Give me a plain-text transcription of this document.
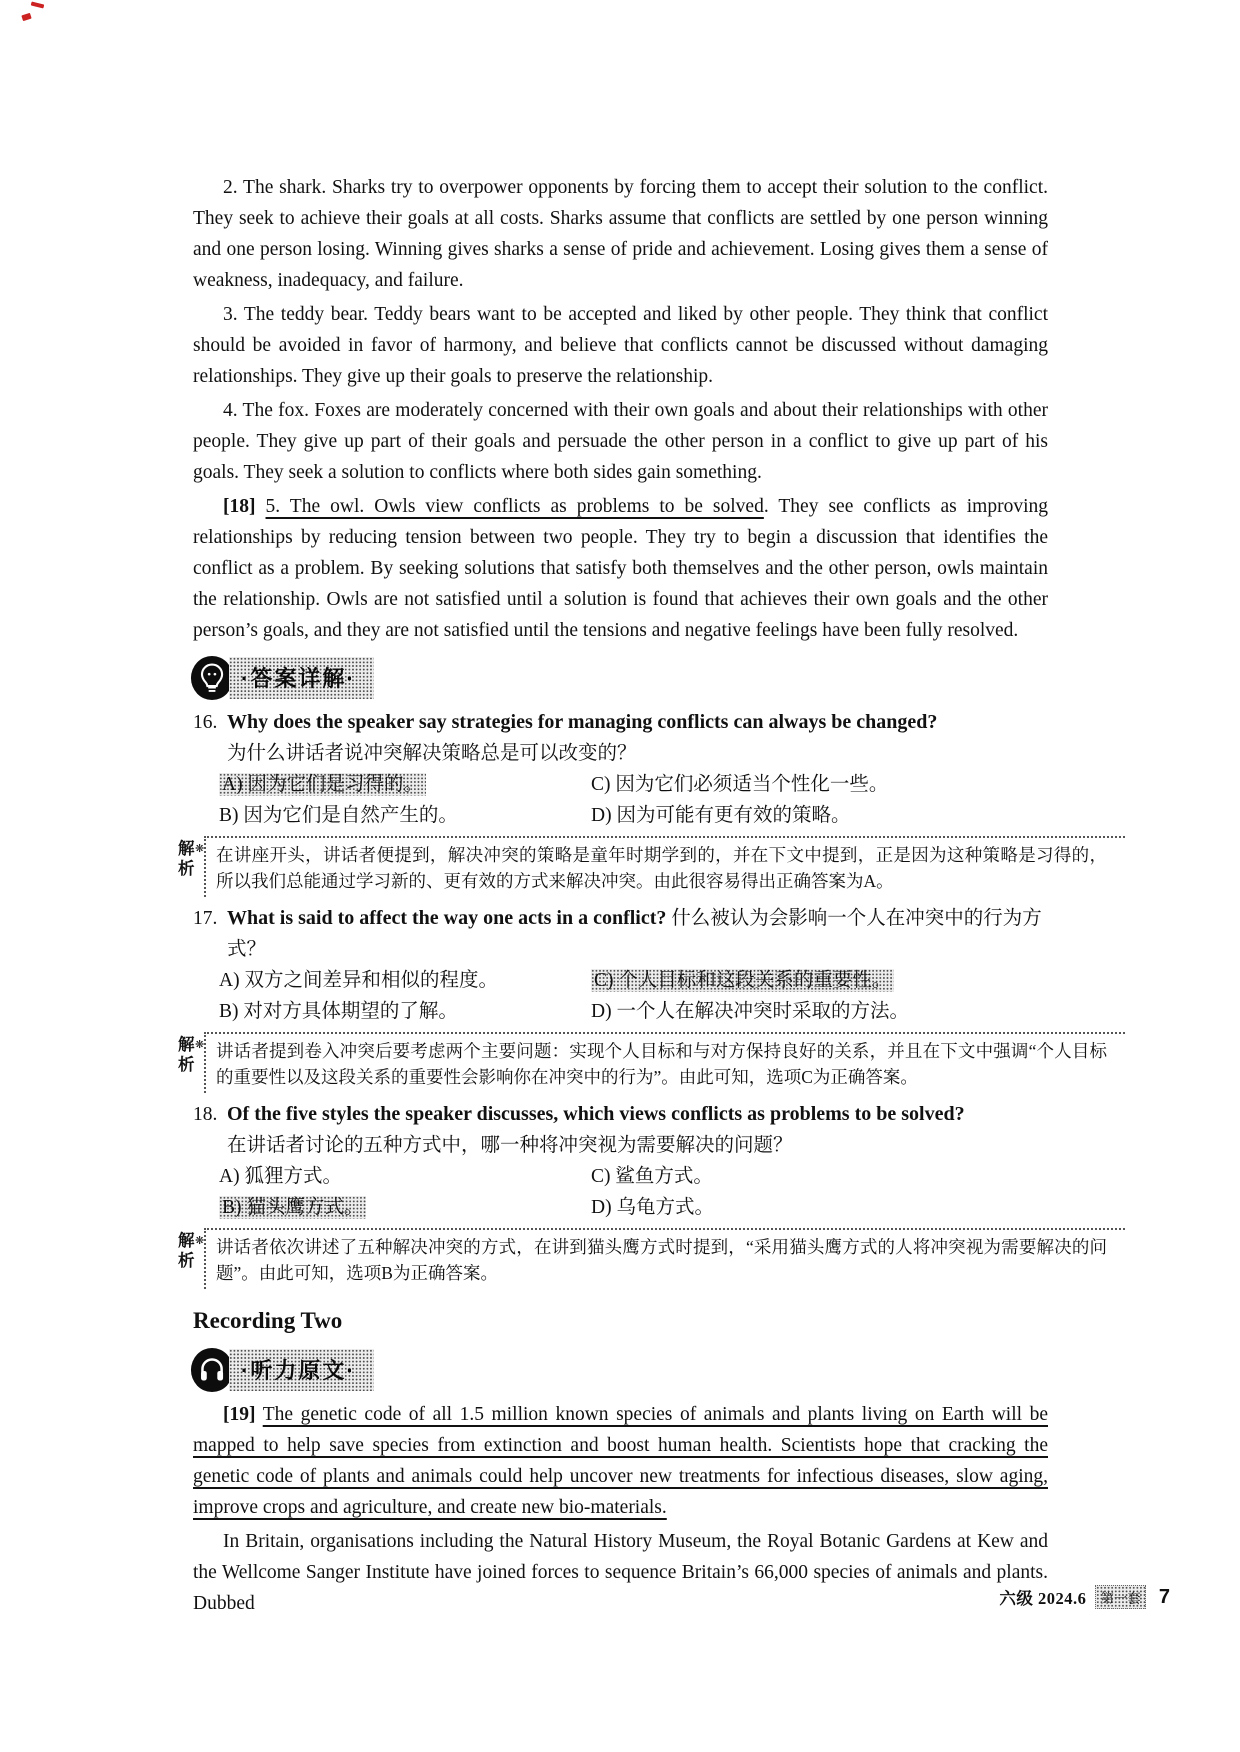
2. The shark. Sharks try to overpower opponents by forcing them to accept their solution to the conflict. They seek to achieve their goals at all costs. Sharks assume that conflicts are settled by one person winning and one person losing. Winning gives sharks a sense of pride and achievement. Losing gives them a sense of weakness, inadequacy, and failure.

3. The teddy bear. Teddy bears want to be accepted and liked by other people. They think that conflict should be avoided in favor of harmony, and believe that conflicts cannot be discussed without damaging relationships. They give up their goals to preserve the relationship.

4. The fox. Foxes are moderately concerned with their own goals and about their relationships with other people. They give up part of their goals and persuade the other person in a conflict to give up part of his goals. They seek a solution to conflicts where both sides gain something.

[18] 5. The owl. Owls view conflicts as problems to be solved. They see conflicts as improving relationships by reducing tension between two people. They try to begin a discussion that identifies the conflict as a problem. By seeking solutions that satisfy both themselves and the other person, owls maintain the relationship. Owls are not satisfied until a solution is found that achieves their own goals and the other person’s goals, and they are not satisfied until the tensions and negative feelings have been fully resolved.

·答案详解·
16. Why does the speaker say strategies for managing conflicts can always be changed?
为什么讲话者说冲突解决策略总是可以改变的？
A) 因为它们是习得的。	C) 因为它们必须适当个性化一些。
B) 因为它们是自然产生的。	D) 因为可能有更有效的策略。
解析
❋ 在讲座开头，讲话者便提到，解决冲突的策略是童年时期学到的，并在下文中提到，正是因为这种策略是习得的，所以我们总能通过学习新的、更有效的方式来解决冲突。由此很容易得出正确答案为A。
17. What is said to affect the way one acts in a conflict? 什么被认为会影响一个人在冲突中的行为方式？
A) 双方之间差异和相似的程度。	C) 个人目标和这段关系的重要性。
B) 对对方具体期望的了解。	D) 一个人在解决冲突时采取的方法。
解析
❋ 讲话者提到卷入冲突后要考虑两个主要问题：实现个人目标和与对方保持良好的关系，并且在下文中强调“个人目标的重要性以及这段关系的重要性会影响你在冲突中的行为”。由此可知，选项C为正确答案。
18. Of the five styles the speaker discusses, which views conflicts as problems to be solved?
在讲话者讨论的五种方式中，哪一种将冲突视为需要解决的问题？
A) 狐狸方式。	C) 鲨鱼方式。
B) 猫头鹰方式。	D) 乌龟方式。
解析
❋ 讲话者依次讲述了五种解决冲突的方式，在讲到猫头鹰方式时提到，“采用猫头鹰方式的人将冲突视为需要解决的问题”。由此可知，选项B为正确答案。
Recording Two
·听力原文·

[19] The genetic code of all 1.5 million known species of animals and plants living on Earth will be mapped to help save species from extinction and boost human health. Scientists hope that cracking the genetic code of plants and animals could help uncover new treatments for infectious diseases, slow aging, improve crops and agriculture, and create new bio-materials.

In Britain, organisations including the Natural History Museum, the Royal Botanic Gardens at Kew and the Wellcome Sanger Institute have joined forces to sequence Britain’s 66,000 species of animals and plants. Dubbed	六级 2024.6	第一套 7
